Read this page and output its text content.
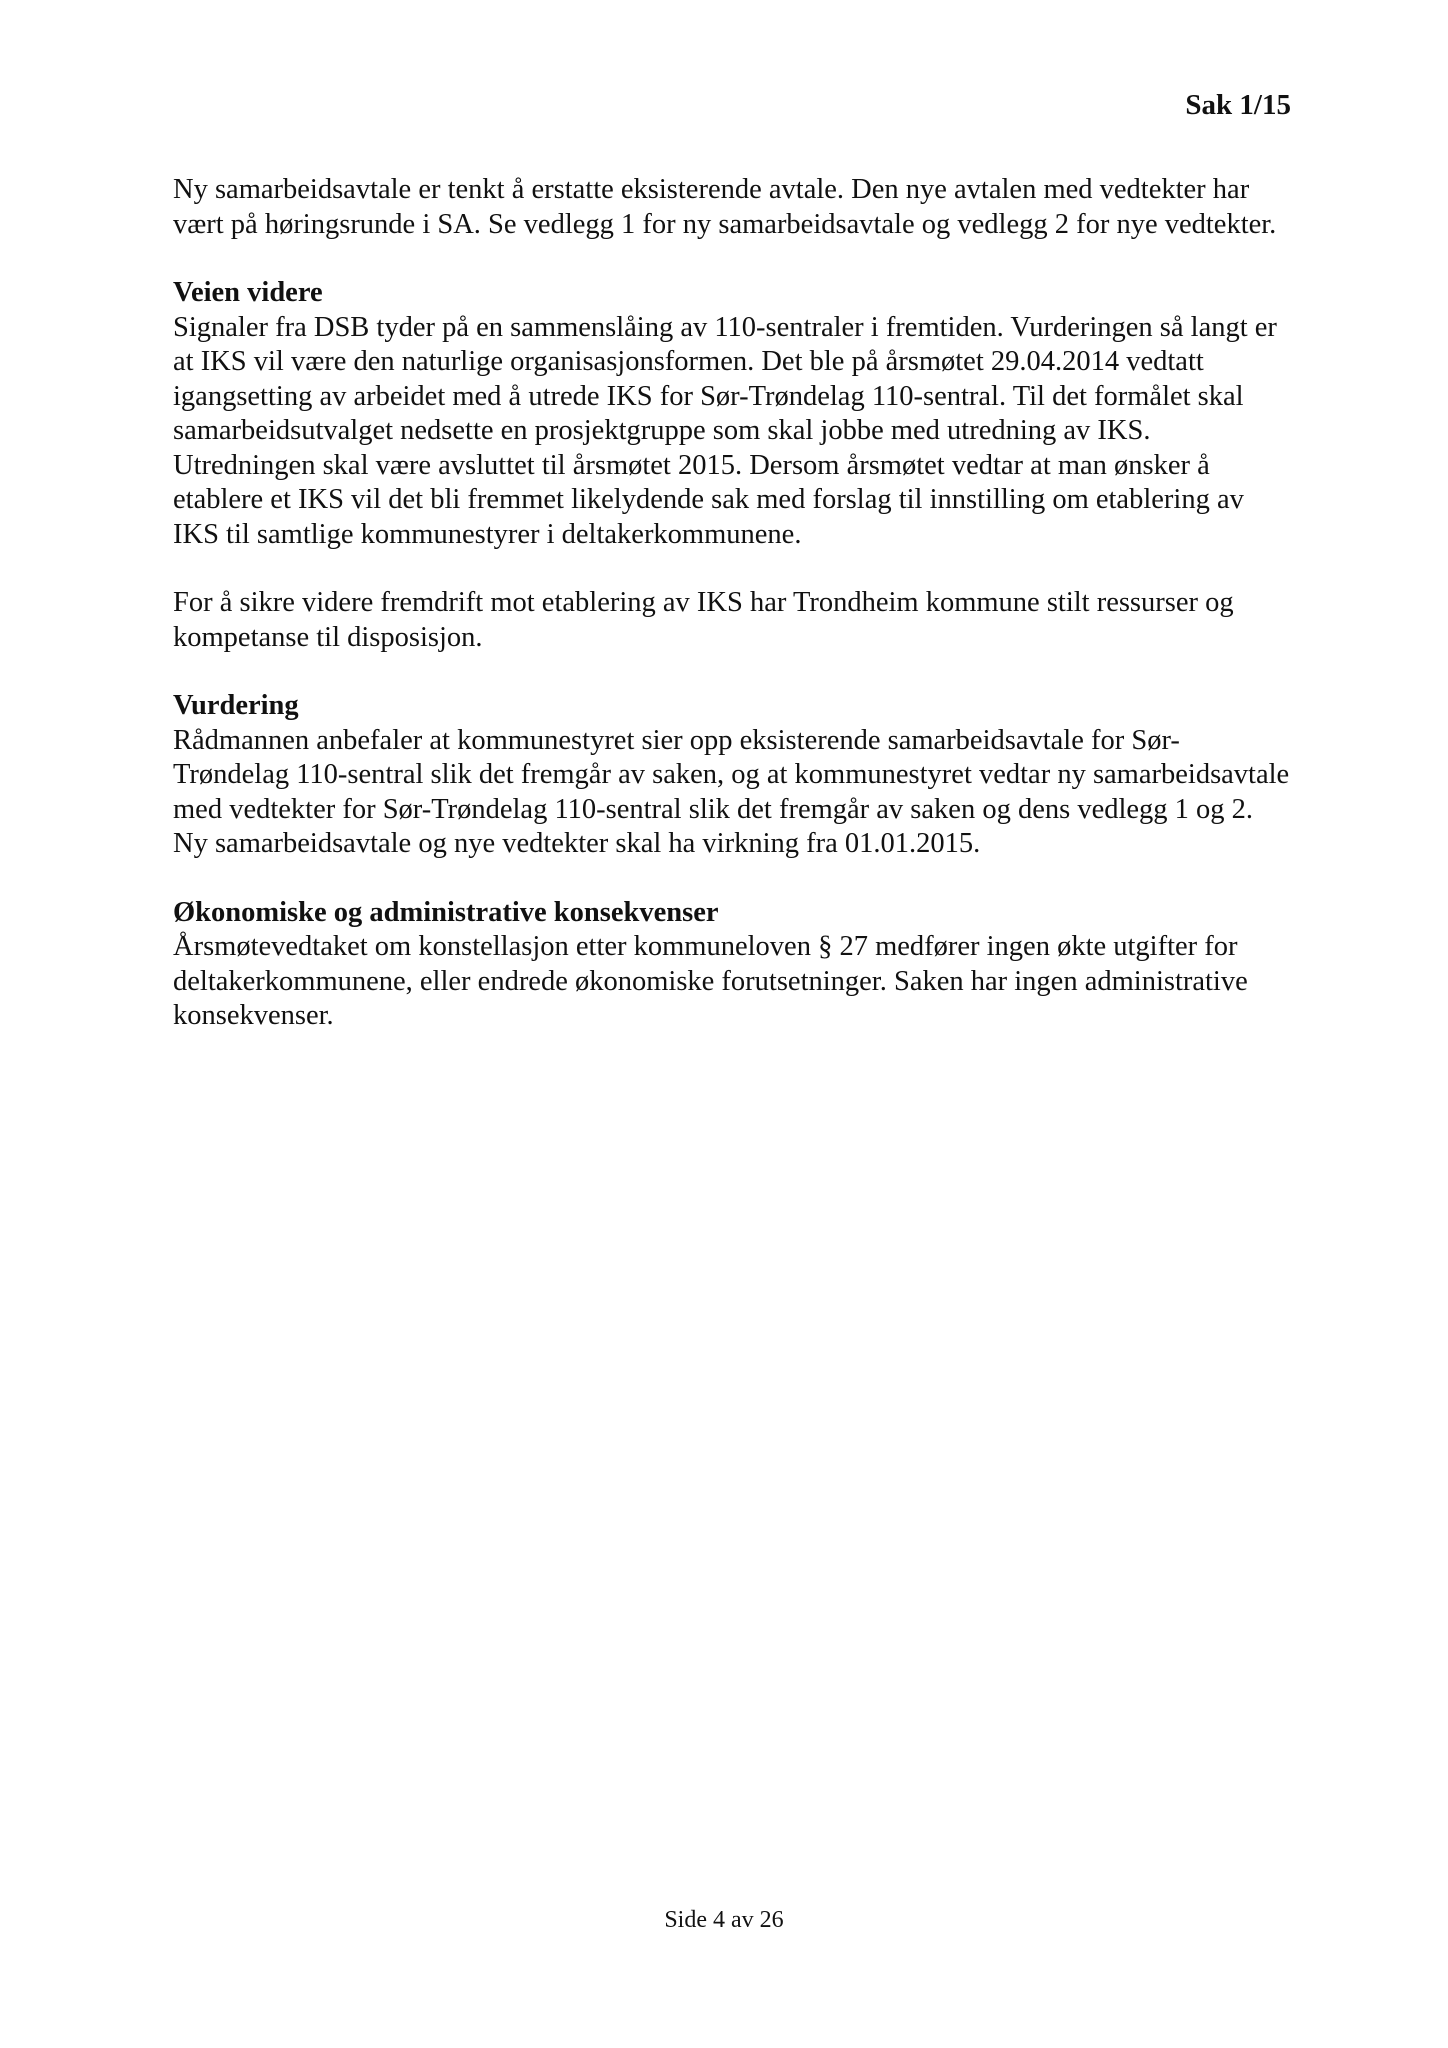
Sak 1/15

Ny samarbeidsavtale er tenkt å erstatte eksisterende avtale. Den nye avtalen med vedtekter har vært på høringsrunde i SA. Se vedlegg 1 for ny samarbeidsavtale og vedlegg 2 for nye vedtekter.

Veien videre

Signaler fra DSB tyder på en sammenslåing av 110-sentraler i fremtiden. Vurderingen så langt er at IKS vil være den naturlige organisasjonsformen. Det ble på årsmøtet 29.04.2014 vedtatt igangsetting av arbeidet med å utrede IKS for Sør-Trøndelag 110-sentral. Til det formålet skal samarbeidsutvalget nedsette en prosjektgruppe som skal jobbe med utredning av IKS. Utredningen skal være avsluttet til årsmøtet 2015. Dersom årsmøtet vedtar at man ønsker å etablere et IKS vil det bli fremmet likelydende sak med forslag til innstilling om etablering av IKS til samtlige kommunestyrer i deltakerkommunene.

For å sikre videre fremdrift mot etablering av IKS har Trondheim kommune stilt ressurser og kompetanse til disposisjon.

Vurdering

Rådmannen anbefaler at kommunestyret sier opp eksisterende samarbeidsavtale for Sør-Trøndelag 110-sentral slik det fremgår av saken, og at kommunestyret vedtar ny samarbeidsavtale med vedtekter for Sør-Trøndelag 110-sentral slik det fremgår av saken og dens vedlegg 1 og 2. Ny samarbeidsavtale og nye vedtekter skal ha virkning fra 01.01.2015.

Økonomiske og administrative konsekvenser

Årsmøtevedtaket om konstellasjon etter kommuneloven § 27 medfører ingen økte utgifter for deltakerkommunene, eller endrede økonomiske forutsetninger. Saken har ingen administrative konsekvenser.

Side 4 av 26
